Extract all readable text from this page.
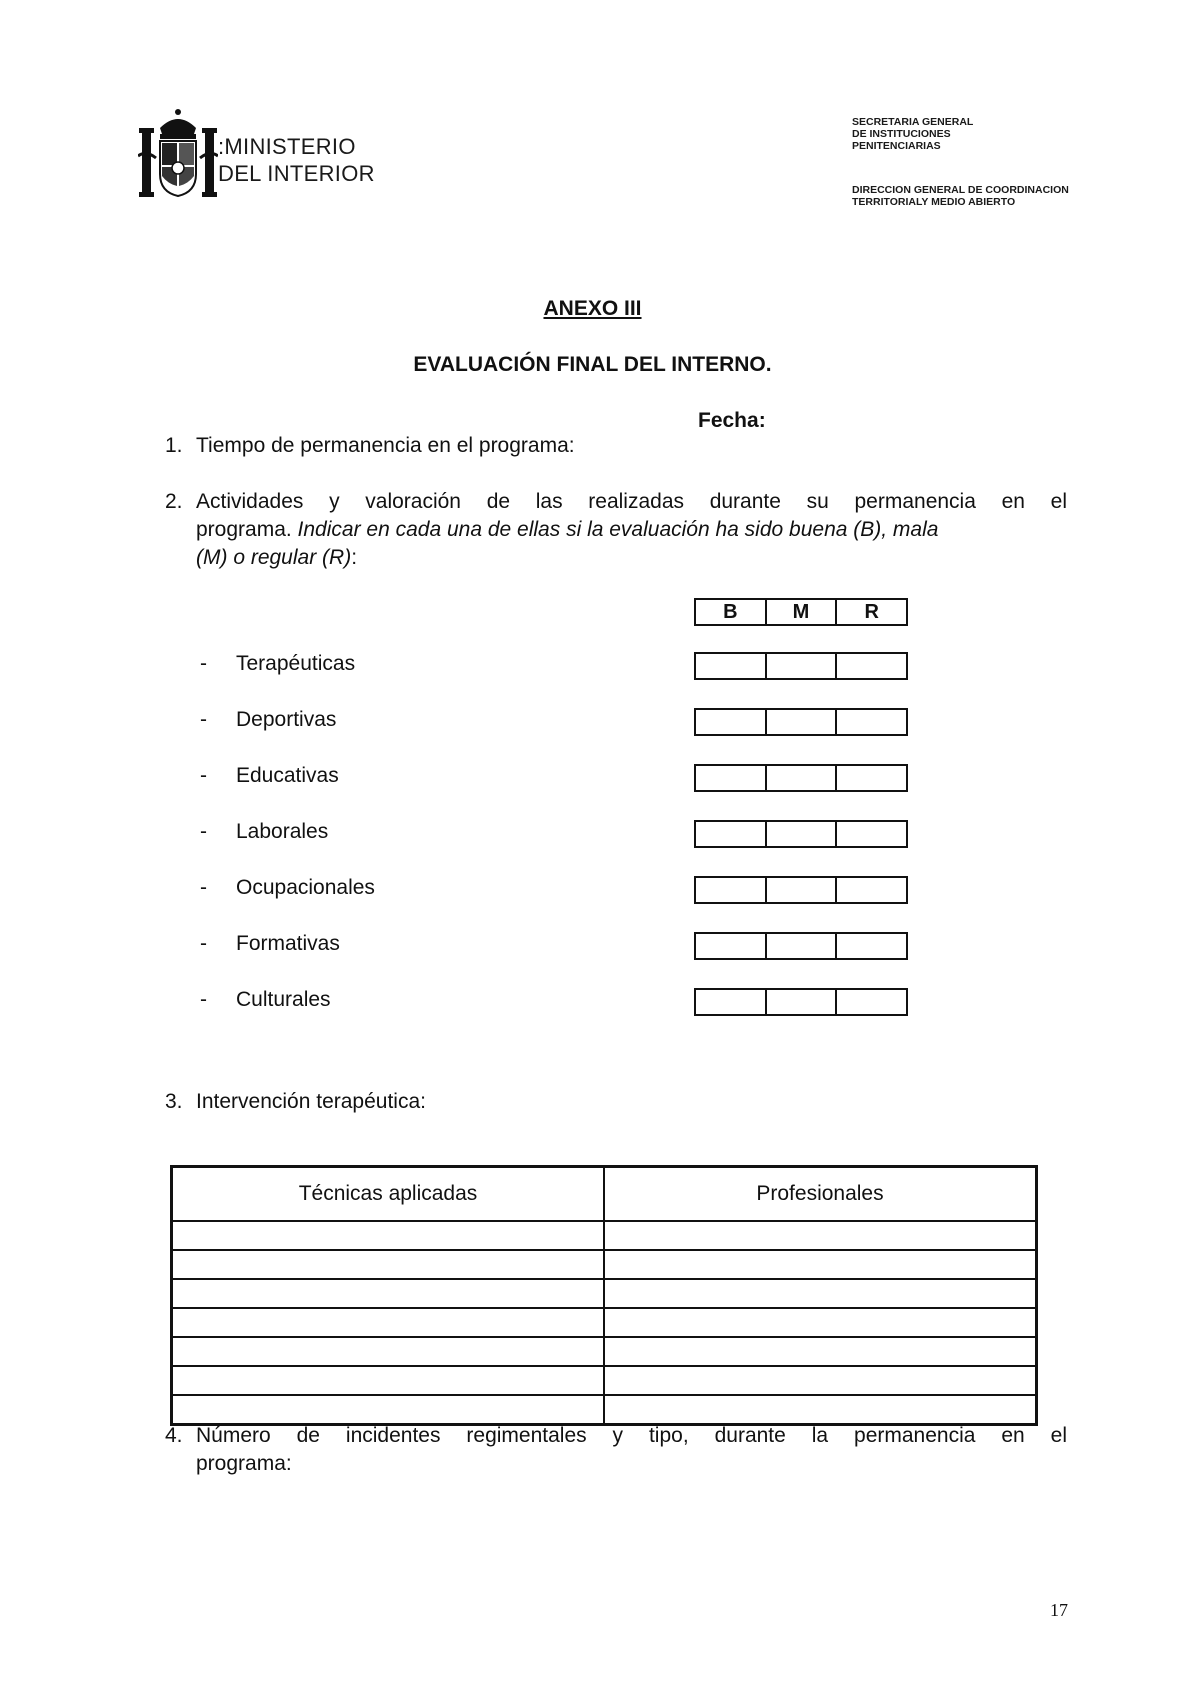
:MINISTERIO
DEL INTERIOR
SECRETARIA GENERAL
DE INSTITUCIONES
PENITENCIARIAS
DIRECCION GENERAL DE COORDINACION
TERRITORIALY MEDIO ABIERTO
ANEXO III
EVALUACIÓN FINAL DEL INTERNO.
Fecha:
1. Tiempo de permanencia en el programa:
2. Actividades y valoración de las realizadas durante su permanencia en el
programa. Indicar en cada una de ellas si la evaluación ha sido buena (B), mala
(M) o regular (R):
B	M	R
- Terapéuticas
- Deportivas
- Educativas
- Laborales
- Ocupacionales
- Formativas
- Culturales
3. Intervención terapéutica:
Técnicas aplicadas	Profesionales

4. Número de incidentes regimentales y tipo, durante la permanencia en el
programa:
17
